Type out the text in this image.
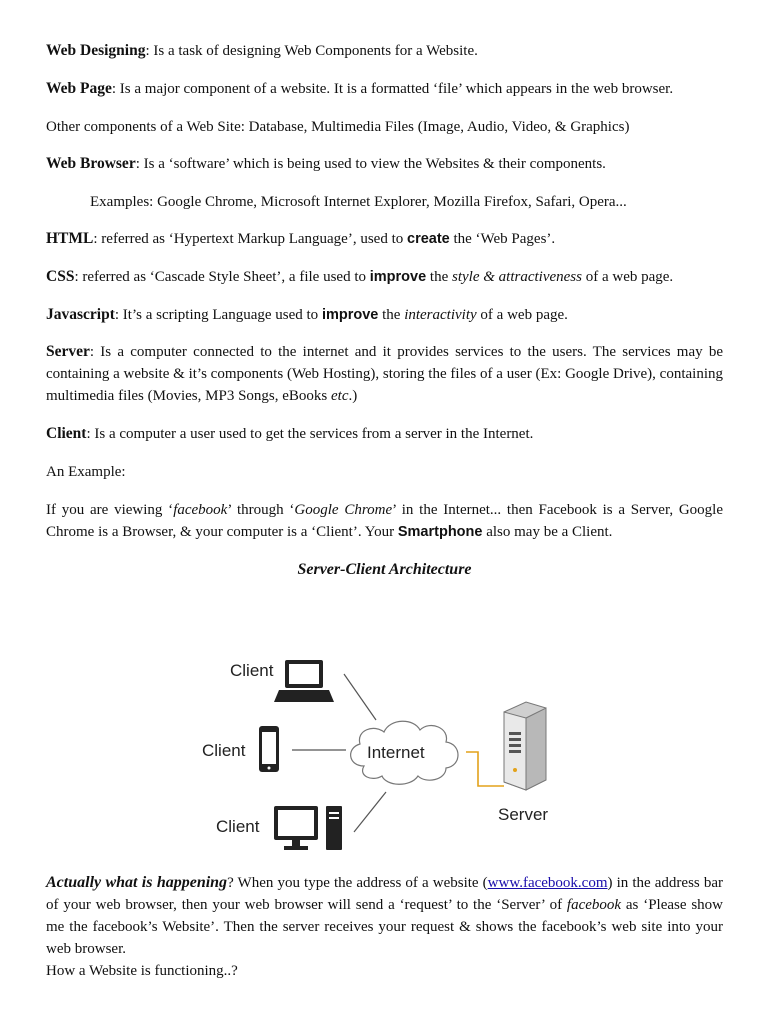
Web Designing: Is a task of designing Web Components for a Website.

Web Page: Is a major component of a website. It is a formatted ‘file’ which appears in the web browser.

Other components of a Web Site: Database, Multimedia Files (Image, Audio, Video, & Graphics)

Web Browser: Is a ‘software’ which is being used to view the Websites & their components.

Examples: Google Chrome, Microsoft Internet Explorer, Mozilla Firefox, Safari, Opera...

HTML: referred as ‘Hypertext Markup Language’, used to create the ‘Web Pages’.

CSS: referred as ‘Cascade Style Sheet’, a file used to improve the style & attractiveness of a web page.

Javascript: It’s a scripting Language used to improve the interactivity of a web page.

Server: Is a computer connected to the internet and it provides services to the users. The services may be containing a website & it’s components (Web Hosting), storing the files of a user (Ex: Google Drive), containing multimedia files (Movies, MP3 Songs, eBooks etc.)

Client: Is a computer a user used to get the services from a server in the Internet.

An Example:

If you are viewing ‘facebook’ through ‘Google Chrome’ in the Internet... then Facebook is a Server, Google Chrome is a Browser, & your computer is a ‘Client’. Your Smartphone also may be a Client.

Server-Client Architecture

Client
Client
Client
Internet
Server

Actually what is happening? When you type the address of a website (www.facebook.com) in the address bar of your web browser, then your web browser will send a ‘request’ to the ‘Server’ of facebook as ‘Please show me the facebook’s Website’. Then the server receives your request & shows the facebook’s web site into your web browser.

How a Website is functioning..?
